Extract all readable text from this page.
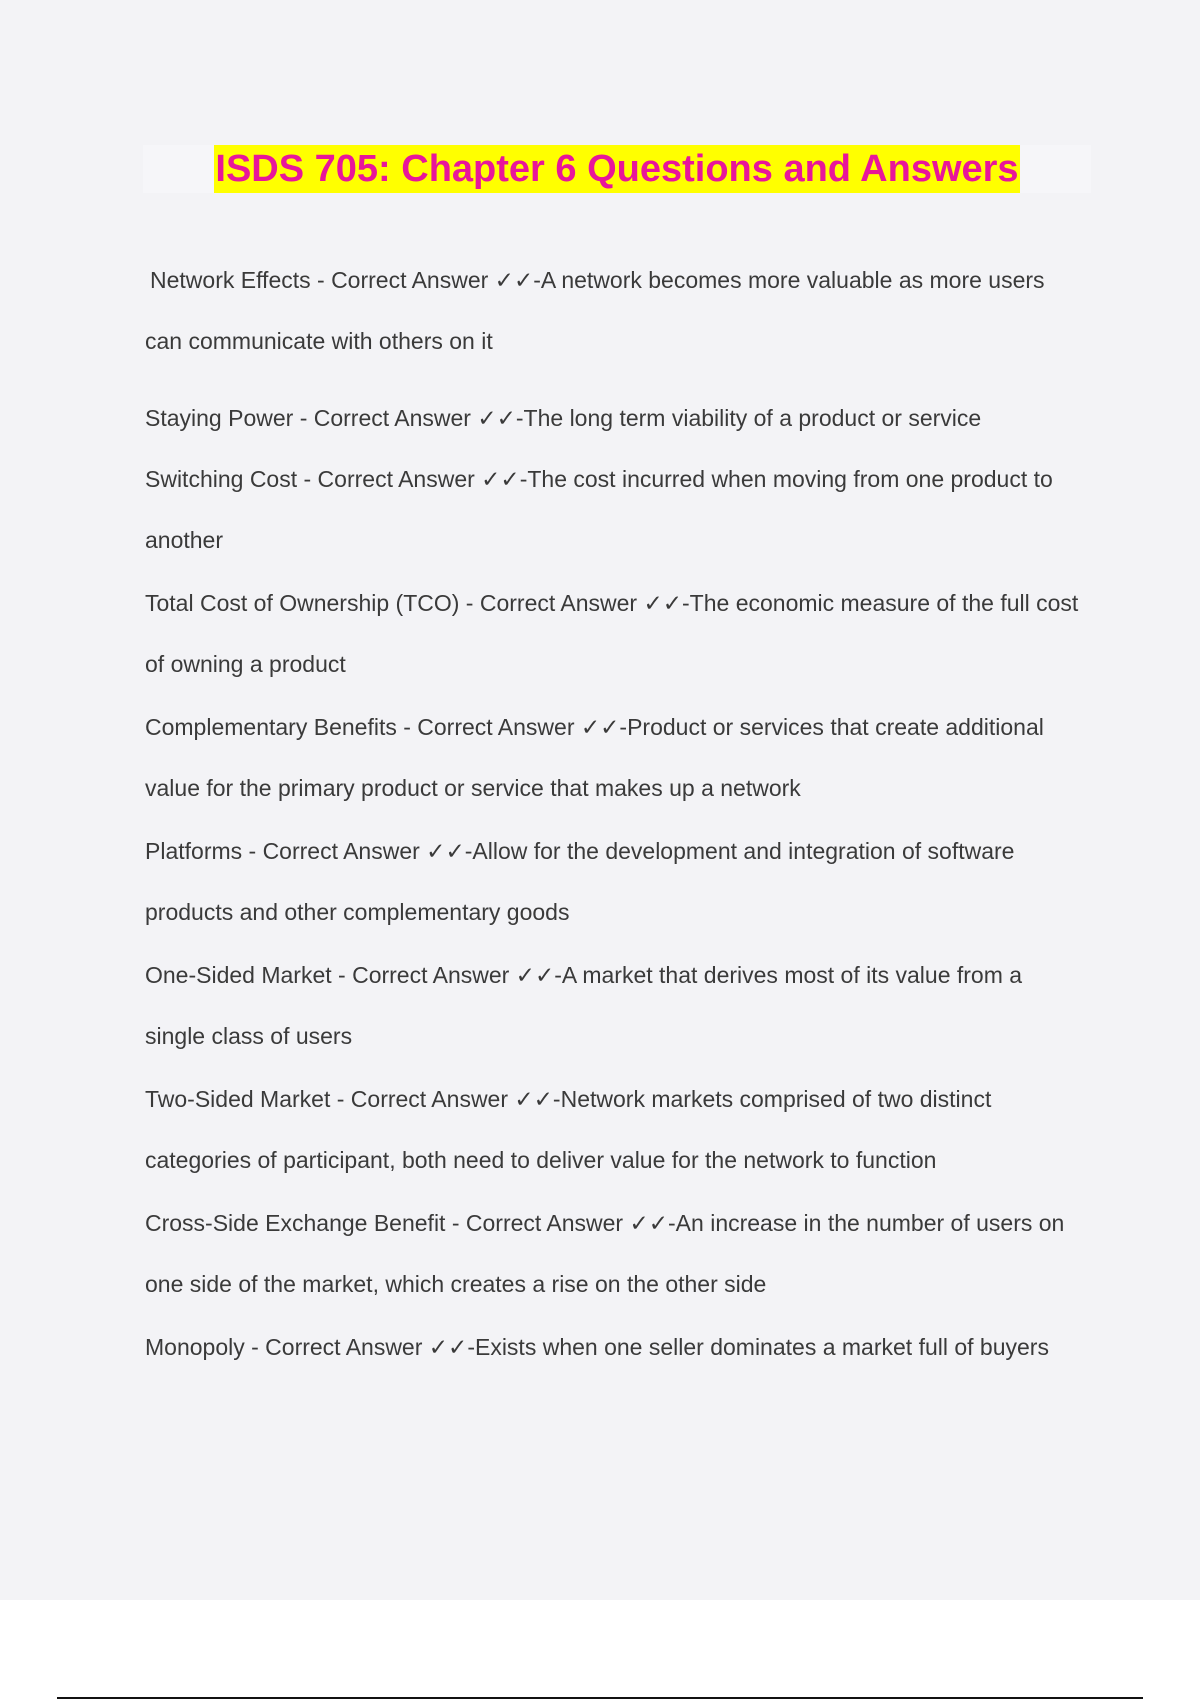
ISDS 705: Chapter 6 Questions and Answers

Network Effects - Correct Answer ✓✓-A network becomes more valuable as more users can communicate with others on it

Staying Power - Correct Answer ✓✓-The long term viability of a product or service

Switching Cost - Correct Answer ✓✓-The cost incurred when moving from one product to another

Total Cost of Ownership (TCO) - Correct Answer ✓✓-The economic measure of the full cost of owning a product

Complementary Benefits - Correct Answer ✓✓-Product or services that create additional value for the primary product or service that makes up a network

Platforms - Correct Answer ✓✓-Allow for the development and integration of software products and other complementary goods

One-Sided Market - Correct Answer ✓✓-A market that derives most of its value from a single class of users

Two-Sided Market - Correct Answer ✓✓-Network markets comprised of two distinct categories of participant, both need to deliver value for the network to function

Cross-Side Exchange Benefit - Correct Answer ✓✓-An increase in the number of users on one side of the market, which creates a rise on the other side

Monopoly - Correct Answer ✓✓-Exists when one seller dominates a market full of buyers
